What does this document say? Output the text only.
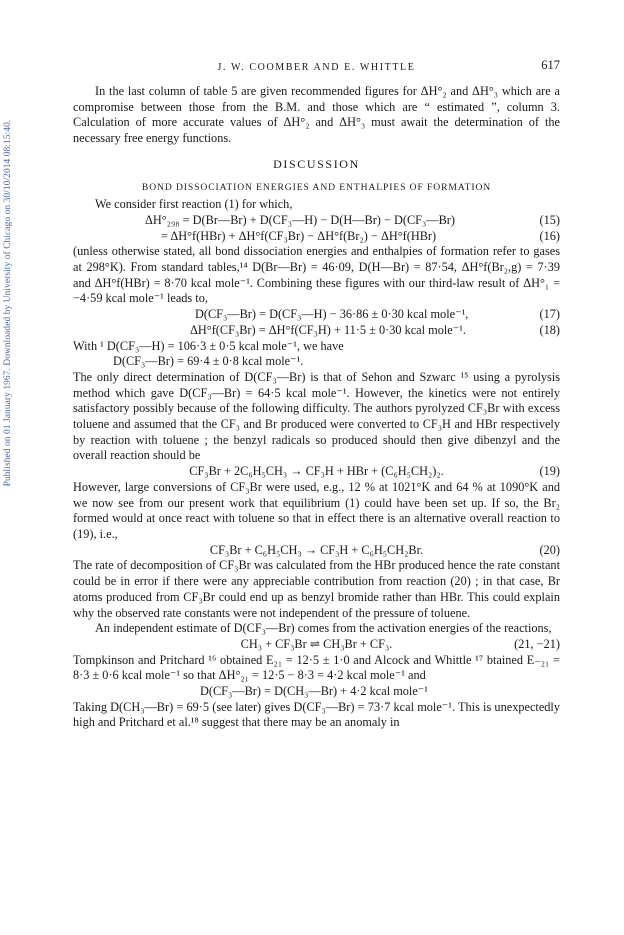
Published on 01 January 1967. Downloaded by University of Chicago on 30/10/2014 08:15:40.
J. W. COOMBER AND E. WHITTLE	617

In the last column of table 5 are given recommended figures for ΔH°₂ and ΔH°₃ which are a compromise between those from the B.M. and those which are “ estimated ”, column 3. Calculation of more accurate values of ΔH°₂ and ΔH°₃ must await the determination of the necessary free energy functions.

DISCUSSION
BOND DISSOCIATION ENERGIES AND ENTHALPIES OF FORMATION

We consider first reaction (1) for which,

ΔH°₂₉₈ = D(Br—Br) + D(CF₃—H) − D(H—Br) − D(CF₃—Br)	(15)
= ΔH°f(HBr) + ΔH°f(CF₃Br) − ΔH°f(Br₂) − ΔH°f(HBr)	(16)

(unless otherwise stated, all bond dissociation energies and enthalpies of formation refer to gases at 298°K). From standard tables,¹⁴ D(Br—Br) = 46·09, D(H—Br) = 87·54, ΔH°f(Br₂,g) = 7·39 and ΔH°f(HBr) = 8·70 kcal mole⁻¹. Combining these figures with our third-law result of ΔH°₁ = −4·59 kcal mole⁻¹ leads to,

D(CF₃—Br) = D(CF₃—H) − 36·86 ± 0·30 kcal mole⁻¹,	(17)
ΔH°f(CF₃Br) = ΔH°f(CF₃H) + 11·5 ± 0·30 kcal mole⁻¹.	(18)
With ¹ D(CF₃—H) = 106·3 ± 0·5 kcal mole⁻¹, we have
D(CF₃—Br) = 69·4 ± 0·8 kcal mole⁻¹.

The only direct determination of D(CF₃—Br) is that of Sehon and Szwarc ¹⁵ using a pyrolysis method which gave D(CF₃—Br) = 64·5 kcal mole⁻¹. However, the kinetics were not entirely satisfactory possibly because of the following difficulty. The authors pyrolyzed CF₃Br with excess toluene and assumed that the CF₃ and Br produced were converted to CF₃H and HBr respectively by reaction with toluene ; the benzyl radicals so produced should then give dibenzyl and the overall reaction should be

CF₃Br + 2C₆H₅CH₃ → CF₃H + HBr + (C₆H₅CH₂)₂.	(19)

However, large conversions of CF₃Br were used, e.g., 12 % at 1021°K and 64 % at 1090°K and we now see from our present work that equilibrium (1) could have been set up. If so, the Br₂ formed would at once react with toluene so that in effect there is an alternative overall reaction to (19), i.e.,

CF₃Br + C₆H₅CH₃ → CF₃H + C₆H₅CH₂Br.	(20)

The rate of decomposition of CF₃Br was calculated from the HBr produced hence the rate constant could be in error if there were any appreciable contribution from reaction (20) ; in that case, Br atoms produced from CF₃Br could end up as benzyl bromide rather than HBr. This could explain why the observed rate constants were not independent of the pressure of toluene.

An independent estimate of D(CF₃—Br) comes from the activation energies of the reactions,

CH₃ + CF₃Br ⇌ CH₃Br + CF₃.	(21, −21)

Tompkinson and Pritchard ¹⁶ obtained E₂₁ = 12·5 ± 1·0 and Alcock and Whittle ¹⁷ btained E₋₂₁ = 8·3 ± 0·6 kcal mole⁻¹ so that ΔH°₂₁ = 12·5 − 8·3 = 4·2 kcal mole⁻¹ and

D(CF₃—Br) = D(CH₃—Br) + 4·2 kcal mole⁻¹

Taking D(CH₃—Br) = 69·5 (see later) gives D(CF₃—Br) = 73·7 kcal mole⁻¹. This is unexpectedly high and Pritchard et al.¹⁸ suggest that there may be an anomaly in
